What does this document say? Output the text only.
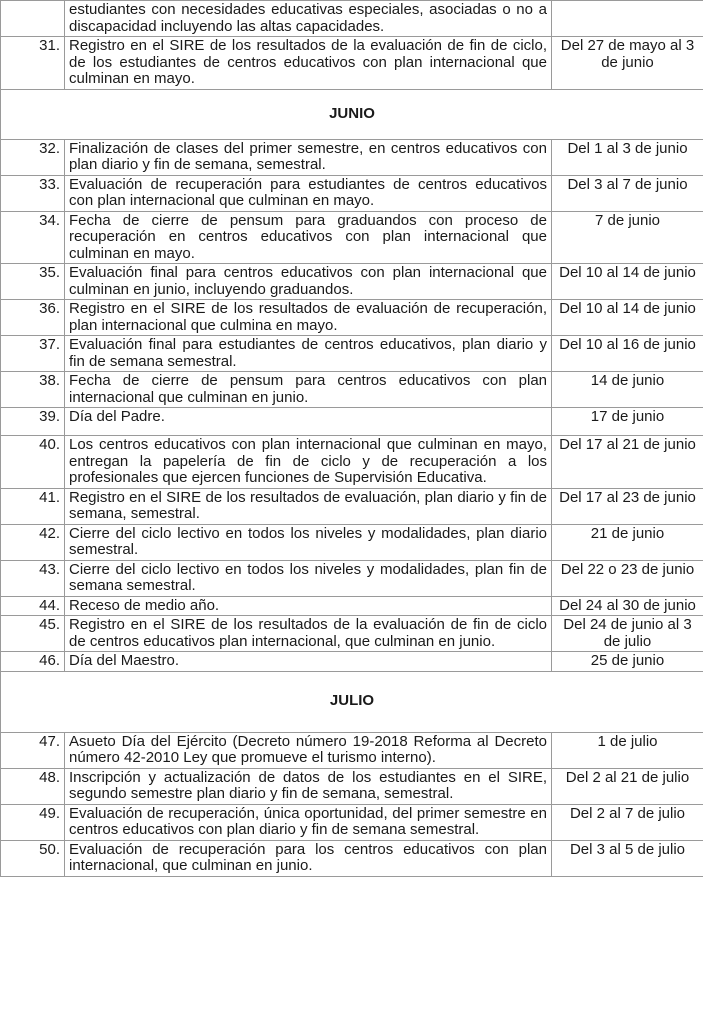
	estudiantes con necesidades educativas especiales, asociadas o no a discapacidad incluyendo las altas capacidades.	
31.	Registro en el SIRE de los resultados de la evaluación de fin de ciclo, de los estudiantes de centros educativos con plan internacional que culminan en mayo.	Del 27 de mayo al 3 de junio
JUNIO		
32.	Finalización de clases del primer semestre, en centros educativos con plan diario y fin de semana, semestral.	Del 1 al 3 de junio
33.	Evaluación de recuperación para estudiantes de centros educativos con plan internacional que culminan en mayo.	Del 3 al 7 de junio
34.	Fecha de cierre de pensum para graduandos con proceso de recuperación en centros educativos con plan internacional que culminan en mayo.	7 de junio
35.	Evaluación final para centros educativos con plan internacional que culminan en junio, incluyendo graduandos.	Del 10 al 14 de junio
36.	Registro en el SIRE de los resultados de evaluación de recuperación, plan internacional que culmina en mayo.	Del 10 al 14 de junio
37.	Evaluación final para estudiantes de centros educativos, plan diario y fin de semana semestral.	Del 10 al 16 de junio
38.	Fecha de cierre de pensum para centros educativos con plan internacional que culminan en junio.	14 de junio
39.	Día del Padre.	17 de junio
40.	Los centros educativos con plan internacional que culminan en mayo, entregan la papelería de fin de ciclo y de recuperación a los profesionales que ejercen funciones de Supervisión Educativa.	Del 17 al 21 de junio
41.	Registro en el SIRE de los resultados de evaluación, plan diario y fin de semana, semestral.	Del 17 al 23 de junio
42.	Cierre del ciclo lectivo en todos los niveles y modalidades, plan diario semestral.	21 de junio
43.	Cierre del ciclo lectivo en todos los niveles y modalidades, plan fin de semana semestral.	Del 22 o 23 de junio
44.	Receso de medio año.	Del 24 al 30 de junio
45.	Registro en el SIRE de los resultados de la evaluación de fin de ciclo de centros educativos plan internacional, que culminan en junio.	Del 24 de junio al 3 de julio
46.	Día del Maestro.	25 de junio
JULIO		
47.	Asueto Día del Ejército (Decreto número 19-2018 Reforma al Decreto número 42-2010 Ley que promueve el turismo interno).	1 de julio
48.	Inscripción y actualización de datos de los estudiantes en el SIRE, segundo semestre plan diario y fin de semana, semestral.	Del 2 al 21 de julio
49.	Evaluación de recuperación, única oportunidad, del primer semestre en centros educativos con plan diario y fin de semana semestral.	Del 2 al 7 de julio
50.	Evaluación de recuperación para los centros educativos con plan internacional, que culminan en junio.	Del 3 al 5 de julio
